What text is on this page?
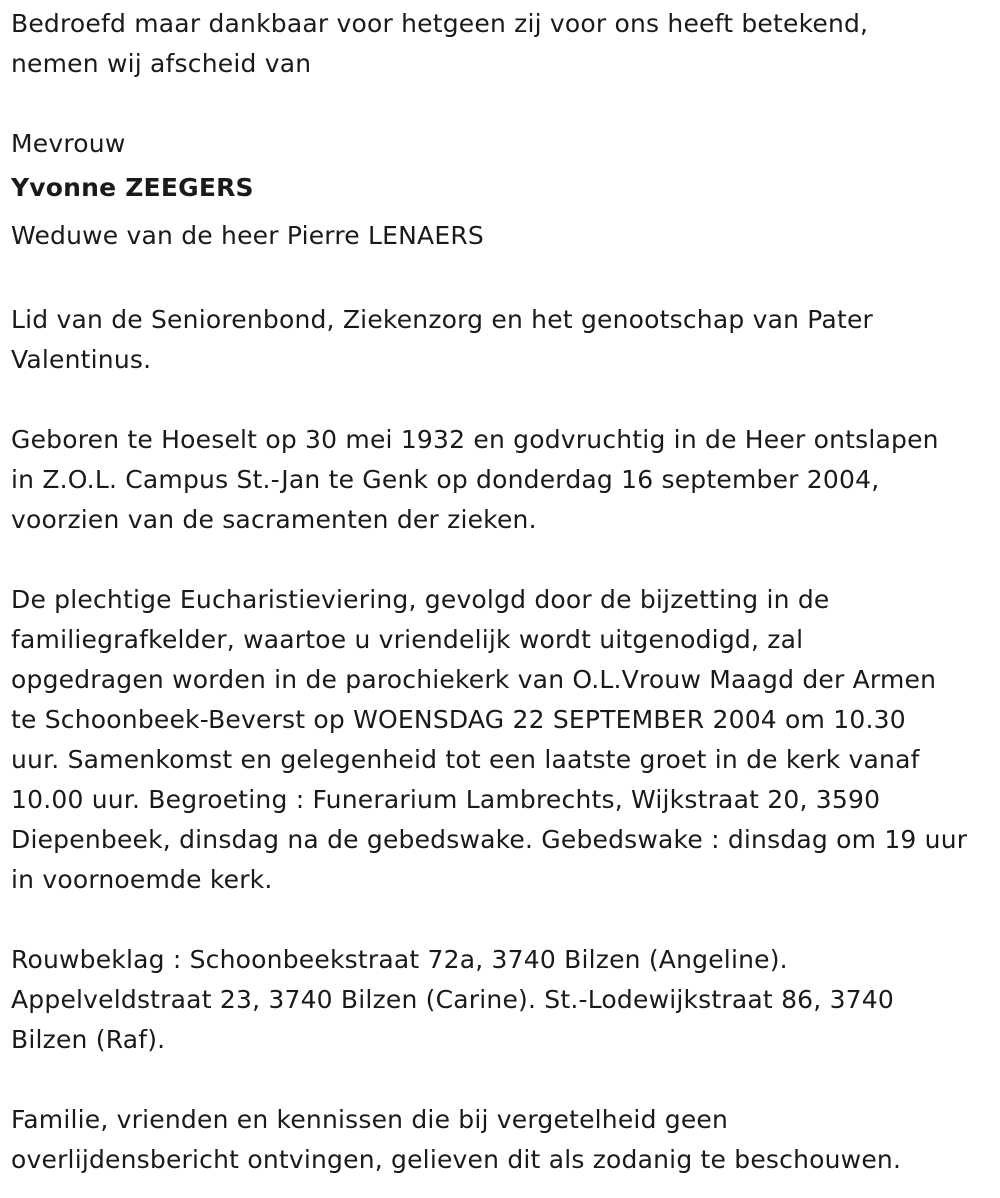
Bedroefd maar dankbaar voor hetgeen zij voor ons heeft betekend,
nemen wij afscheid van

Mevrouw

Yvonne ZEEGERS

Weduwe van de heer Pierre LENAERS

Lid van de Seniorenbond, Ziekenzorg en het genootschap van Pater
Valentinus.

Geboren te Hoeselt op 30 mei 1932 en godvruchtig in de Heer ontslapen
in Z.O.L. Campus St.-Jan te Genk op donderdag 16 september 2004,
voorzien van de sacramenten der zieken.

De plechtige Eucharistieviering, gevolgd door de bijzetting in de
familiegrafkelder, waartoe u vriendelijk wordt uitgenodigd, zal
opgedragen worden in de parochiekerk van O.L.Vrouw Maagd der Armen
te Schoonbeek-Beverst op WOENSDAG 22 SEPTEMBER 2004 om 10.30
uur. Samenkomst en gelegenheid tot een laatste groet in de kerk vanaf
10.00 uur. Begroeting : Funerarium Lambrechts, Wijkstraat 20, 3590
Diepenbeek, dinsdag na de gebedswake. Gebedswake : dinsdag om 19 uur
in voornoemde kerk.

Rouwbeklag : Schoonbeekstraat 72a, 3740 Bilzen (Angeline).
Appelveldstraat 23, 3740 Bilzen (Carine). St.-Lodewijkstraat 86, 3740
Bilzen (Raf).

Familie, vrienden en kennissen die bij vergetelheid geen
overlijdensbericht ontvingen, gelieven dit als zodanig te beschouwen.
